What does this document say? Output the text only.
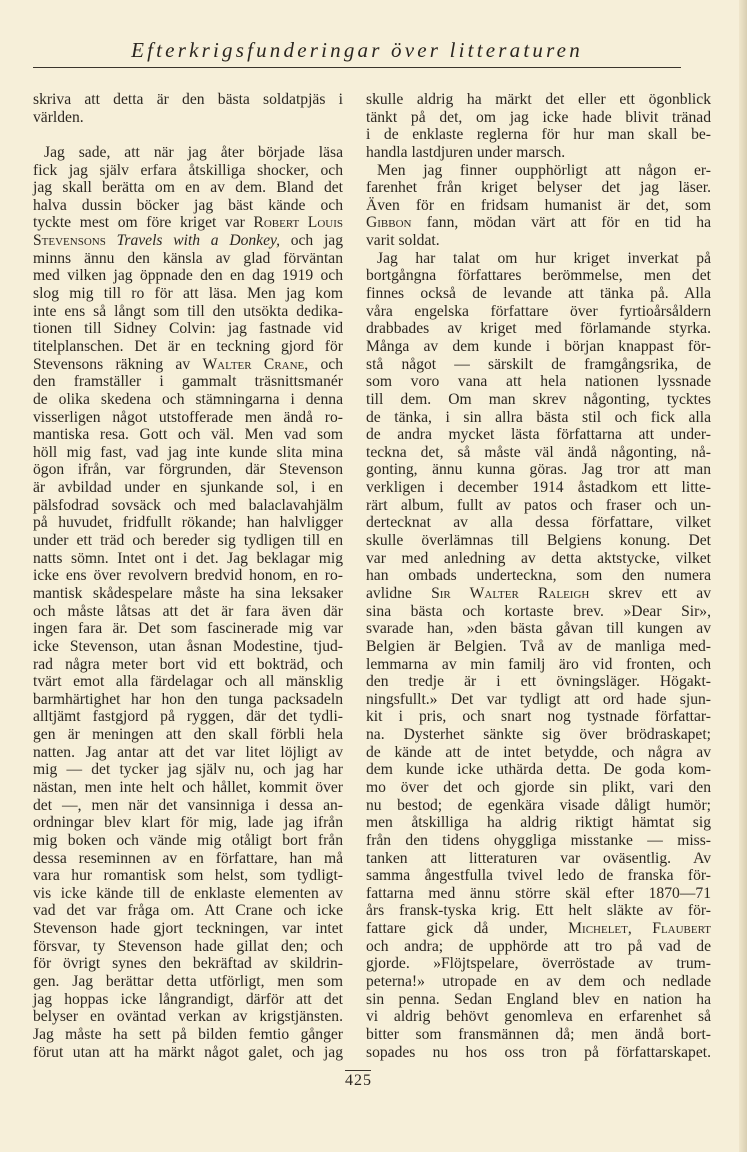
Efterkrigsfunderingar över litteraturen
skriva att detta är den bästa soldatpjäs i
världen.
Jag sade, att när jag åter började läsa
fick jag själv erfara åtskilliga shocker, och
jag skall berätta om en av dem. Bland det
halva dussin böcker jag bäst kände och
tyckte mest om före kriget var Robert Louis
Stevensons Travels with a Donkey, och jag
minns ännu den känsla av glad förväntan
med vilken jag öppnade den en dag 1919 och
slog mig till ro för att läsa. Men jag kom
inte ens så långt som till den utsökta dedika-
tionen till Sidney Colvin: jag fastnade vid
titelplanschen. Det är en teckning gjord för
Stevensons räkning av Walter Crane, och
den framställer i gammalt träsnittsmanér
de olika skedena och stämningarna i denna
visserligen något utstofferade men ändå ro-
mantiska resa. Gott och väl. Men vad som
höll mig fast, vad jag inte kunde slita mina
ögon ifrån, var förgrunden, där Stevenson
är avbildad under en sjunkande sol, i en
pälsfodrad sovsäck och med balaclavahjälm
på huvudet, fridfullt rökande; han halvligger
under ett träd och bereder sig tydligen till en
natts sömn. Intet ont i det. Jag beklagar mig
icke ens över revolvern bredvid honom, en ro-
mantisk skådespelare måste ha sina leksaker
och måste låtsas att det är fara även där
ingen fara är. Det som fascinerade mig var
icke Stevenson, utan åsnan Modestine, tjud-
rad några meter bort vid ett bokträd, och
tvärt emot alla färdelagar och all mänsklig
barmhärtighet har hon den tunga packsadeln
alltjämt fastgjord på ryggen, där det tydli-
gen är meningen att den skall förbli hela
natten. Jag antar att det var litet löjligt av
mig — det tycker jag själv nu, och jag har
nästan, men inte helt och hållet, kommit över
det —, men när det vansinniga i dessa an-
ordningar blev klart för mig, lade jag ifrån
mig boken och vände mig otåligt bort från
dessa reseminnen av en författare, han må
vara hur romantisk som helst, som tydligt-
vis icke kände till de enklaste elementen av
vad det var fråga om. Att Crane och icke
Stevenson hade gjort teckningen, var intet
försvar, ty Stevenson hade gillat den; och
för övrigt synes den bekräftad av skildrin-
gen. Jag berättar detta utförligt, men som
jag hoppas icke långrandigt, därför att det
belyser en oväntad verkan av krigstjänsten.
Jag måste ha sett på bilden femtio gånger
förut utan att ha märkt något galet, och jag
skulle aldrig ha märkt det eller ett ögonblick
tänkt på det, om jag icke hade blivit tränad
i de enklaste reglerna för hur man skall be-
handla lastdjuren under marsch.
Men jag finner oupphörligt att någon er-
farenhet från kriget belyser det jag läser.
Även för en fridsam humanist är det, som
Gibbon fann, mödan värt att för en tid ha
varit soldat.
Jag har talat om hur kriget inverkat på
bortgångna författares berömmelse, men det
finnes också de levande att tänka på. Alla
våra engelska författare över fyrtioårsåldern
drabbades av kriget med förlamande styrka.
Många av dem kunde i början knappast för-
stå något — särskilt de framgångsrika, de
som voro vana att hela nationen lyssnade
till dem. Om man skrev någonting, tycktes
de tänka, i sin allra bästa stil och fick alla
de andra mycket lästa författarna att under-
teckna det, så måste väl ändå någonting, nå-
gonting, ännu kunna göras. Jag tror att man
verkligen i december 1914 åstadkom ett litte-
rärt album, fullt av patos och fraser och un-
dertecknat av alla dessa författare, vilket
skulle överlämnas till Belgiens konung. Det
var med anledning av detta aktstycke, vilket
han ombads underteckna, som den numera
avlidne Sir Walter Raleigh skrev ett av
sina bästa och kortaste brev. »Dear Sir»,
svarade han, »den bästa gåvan till kungen av
Belgien är Belgien. Två av de manliga med-
lemmarna av min familj äro vid fronten, och
den tredje är i ett övningsläger. Högakt-
ningsfullt.» Det var tydligt att ord hade sjun-
kit i pris, och snart nog tystnade författar-
na. Dysterhet sänkte sig över brödraskapet;
de kände att de intet betydde, och några av
dem kunde icke uthärda detta. De goda kom-
mo över det och gjorde sin plikt, vari den
nu bestod; de egenkära visade dåligt humör;
men åtskilliga ha aldrig riktigt hämtat sig
från den tidens ohyggliga misstanke — miss-
tanken att litteraturen var oväsentlig. Av
samma ångestfulla tvivel ledo de franska för-
fattarna med ännu större skäl efter 1870—71
års fransk-tyska krig. Ett helt släkte av för-
fattare gick då under, Michelet, Flaubert
och andra; de upphörde att tro på vad de
gjorde. »Flöjtspelare, överröstade av trum-
peterna!» utropade en av dem och nedlade
sin penna. Sedan England blev en nation ha
vi aldrig behövt genomleva en erfarenhet så
bitter som fransmännen då; men ändå bort-
sopades nu hos oss tron på författarskapet.
425
